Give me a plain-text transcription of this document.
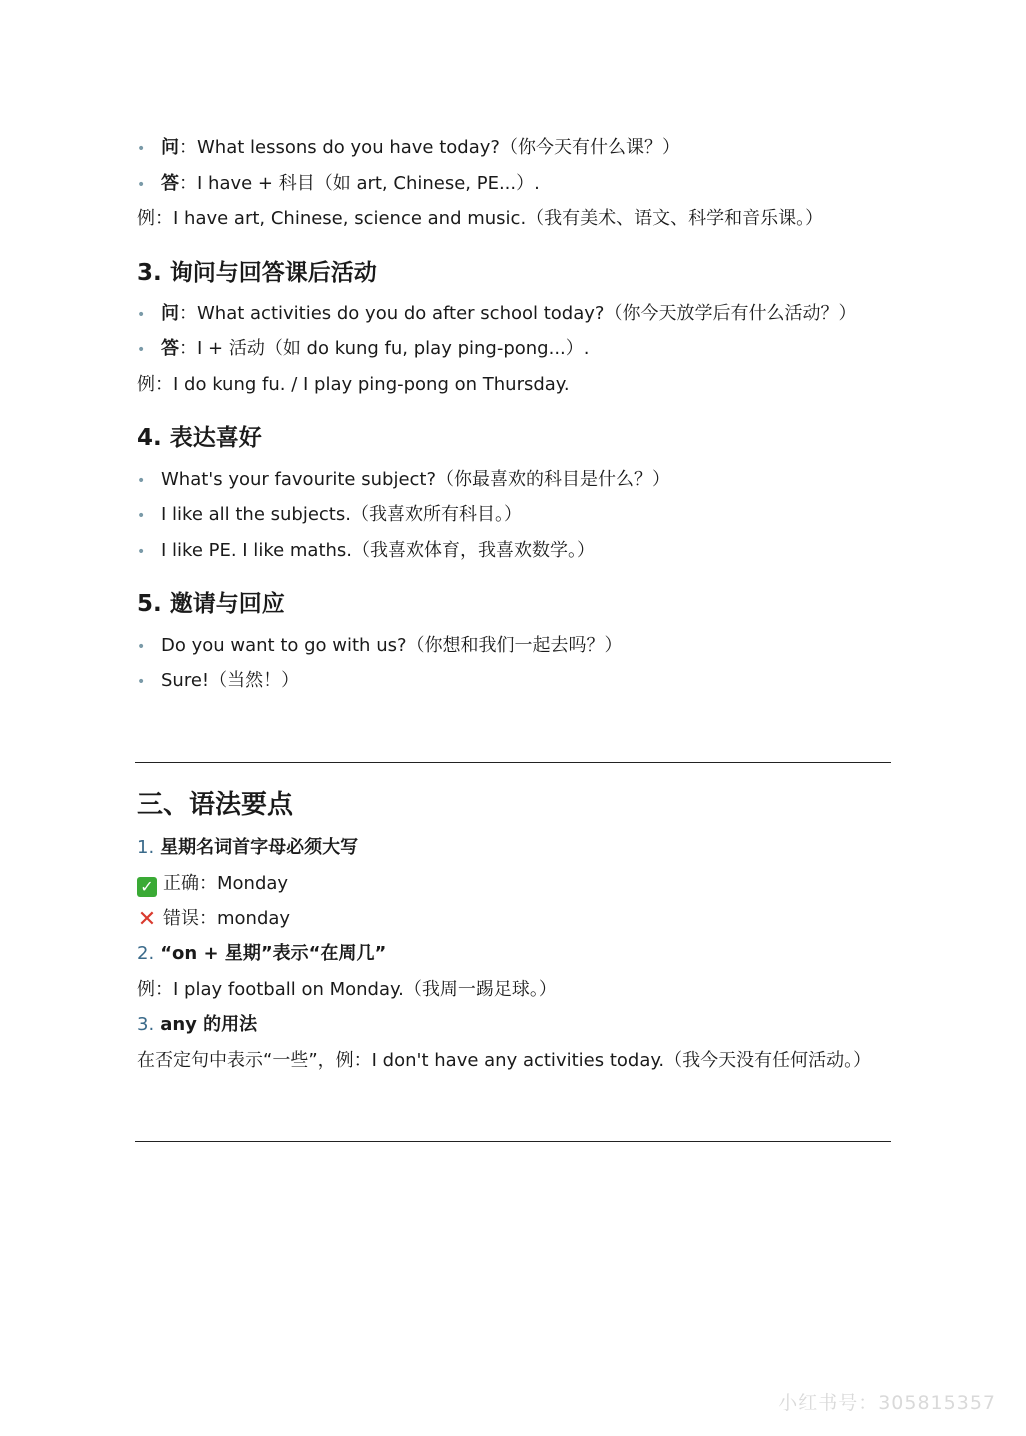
• 问：What lessons do you have today?（你今天有什么课？）
• 答：I have + 科目（如 art, Chinese, PE...）.
例：I have art, Chinese, science and music.（我有美术、语文、科学和音乐课。）
3. 询问与回答课后活动
• 问：What activities do you do after school today?（你今天放学后有什么活动？）
• 答：I + 活动（如 do kung fu, play ping-pong...）.
例：I do kung fu. / I play ping-pong on Thursday.
4. 表达喜好
• What's your favourite subject?（你最喜欢的科目是什么？）
• I like all the subjects.（我喜欢所有科目。）
• I like PE. I like maths.（我喜欢体育，我喜欢数学。）
5. 邀请与回应
• Do you want to go with us?（你想和我们一起去吗？）
• Sure!（当然！）
三、语法要点
1. 星期名词首字母必须大写
✓ 正确：Monday
✕ 错误：monday
2. “on + 星期”表示“在周几”
例：I play football on Monday.（我周一踢足球。）
3. any 的用法
在否定句中表示“一些”，例：I don't have any activities today.（我今天没有任何活动。）
小红书号：305815357
